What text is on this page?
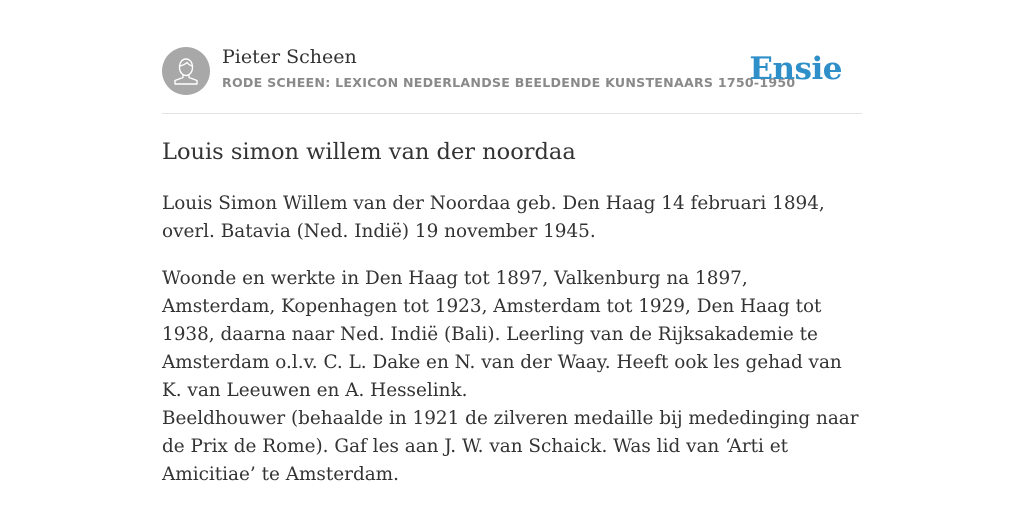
Pieter Scheen
RODE SCHEEN: LEXICON NEDERLANDSE BEELDENDE KUNSTENAARS 1750-1950
Ensie
Louis simon willem van der noordaa

Louis Simon Willem van der Noordaa geb. Den Haag 14 februari 1894, overl. Batavia (Ned. Indië) 19 november 1945.

Woonde en werkte in Den Haag tot 1897, Valkenburg na 1897, Amsterdam, Kopenhagen tot 1923, Amsterdam tot 1929, Den Haag tot 1938, daarna naar Ned. Indië (Bali). Leerling van de Rijksakademie te Amsterdam o.l.v. C. L. Dake en N. van der Waay. Heeft ook les gehad van K. van Leeuwen en A. Hesselink.

Beeldhouwer (behaalde in 1921 de zilveren medaille bij mededinging naar de Prix de Rome). Gaf les aan J. W. van Schaick. Was lid van ‘Arti et Amicitiae’ te Amsterdam.
